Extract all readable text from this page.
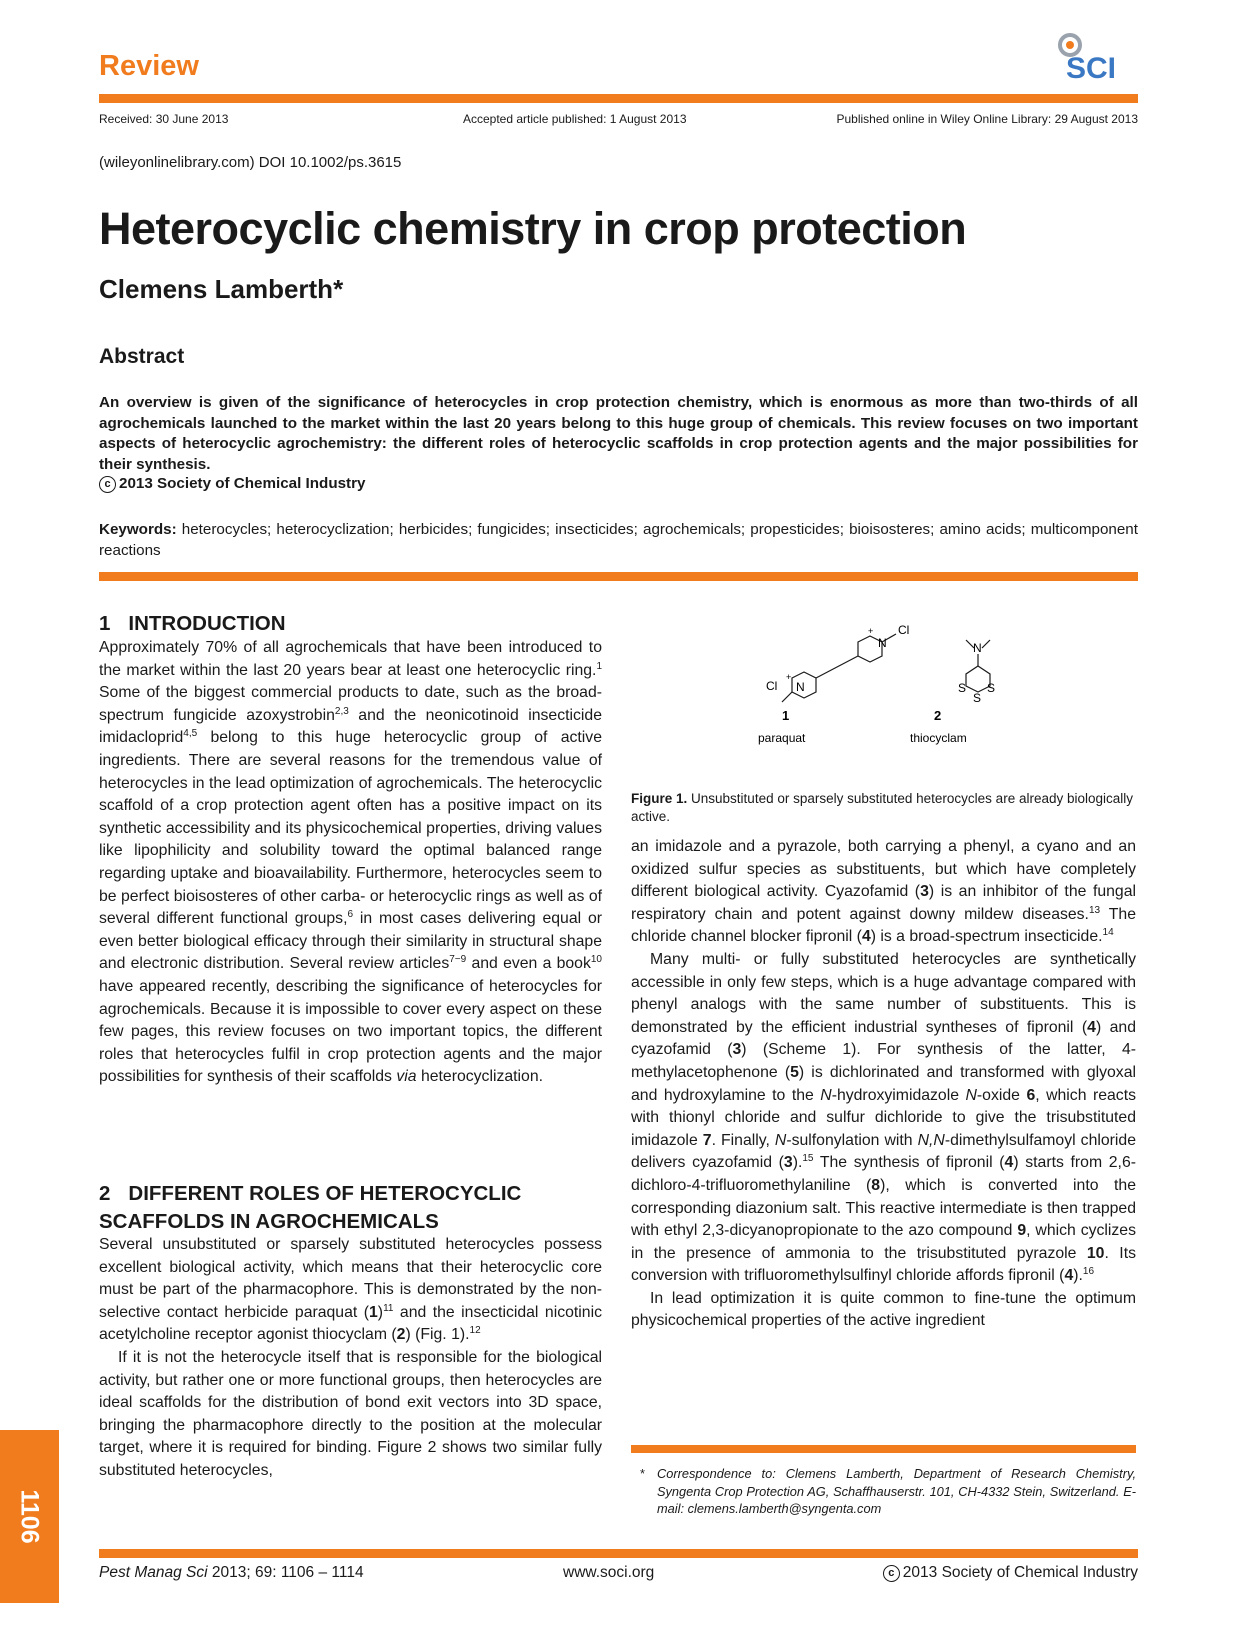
Review	SCI
Received: 30 June 2013	Accepted article published: 1 August 2013	Published online in Wiley Online Library: 29 August 2013
(wileyonlinelibrary.com) DOI 10.1002/ps.3615
Heterocyclic chemistry in crop protection
Clemens Lamberth*
Abstract
An overview is given of the significance of heterocycles in crop protection chemistry, which is enormous as more than two-thirds of all agrochemicals launched to the market within the last 20 years belong to this huge group of chemicals. This review focuses on two important aspects of heterocyclic agrochemistry: the different roles of heterocyclic scaffolds in crop protection agents and the major possibilities for their synthesis.
c 2013 Society of Chemical Industry
Keywords: heterocycles; heterocyclization; herbicides; fungicides; insecticides; agrochemicals; propesticides; bioisosteres; amino acids; multicomponent reactions
1 INTRODUCTION

Approximately 70% of all agrochemicals that have been introduced to the market within the last 20 years bear at least one heterocyclic ring.$^1$ Some of the biggest commercial products to date, such as the broad-spectrum fungicide azoxystrobin$^{2,3}$ and the neonicotinoid insecticide imidacloprid$^{4,5}$ belong to this huge heterocyclic group of active ingredients. There are several reasons for the tremendous value of heterocycles in the lead optimization of agrochemicals. The heterocyclic scaffold of a crop protection agent often has a positive impact on its synthetic accessibility and its physicochemical properties, driving values like lipophilicity and solubility toward the optimal balanced range regarding uptake and bioavailability. Furthermore, heterocycles seem to be perfect bioisosteres of other carba- or heterocyclic rings as well as of several different functional groups,$^6$ in most cases delivering equal or even better biological efficacy through their similarity in structural shape and electronic distribution. Several review articles$^{7-9}$ and even a book$^{10}$ have appeared recently, describing the significance of heterocycles for agrochemicals. Because it is impossible to cover every aspect on these few pages, this review focuses on two important topics, the different roles that heterocycles fulfil in crop protection agents and the major possibilities for synthesis of their scaffolds via heterocyclization.

2 DIFFERENT ROLES OF HETEROCYCLIC
SCAFFOLDS IN AGROCHEMICALS

Several unsubstituted or sparsely substituted heterocycles possess excellent biological activity, which means that their heterocyclic core must be part of the pharmacophore. This is demonstrated by the non-selective contact herbicide paraquat $(1)^{11}$ and the insecticidal nicotinic acetylcholine receptor agonist thiocyclam (2) (Fig. 1).$^{12}$

If it is not the heterocycle itself that is responsible for the biological activity, but rather one or more functional groups, then heterocycles are ideal scaffolds for the distribution of bond exit vectors into 3D space, bringing the pharmacophore directly to the position at the molecular target, where it is required for binding. Figure 2 shows two similar fully substituted heterocycles,

Cl
+
N
+
N
Cl
N
S S
S
1
paraquat
2
thiocyclam
Figure 1. Unsubstituted or sparsely substituted heterocycles are already biologically active.

an imidazole and a pyrazole, both carrying a phenyl, a cyano and an oxidized sulfur species as substituents, but which have completely different biological activity. Cyazofamid (3) is an inhibitor of the fungal respiratory chain and potent against downy mildew diseases.$^{13}$ The chloride channel blocker fipronil (4) is a broad-spectrum insecticide.$^{14}$

Many multi- or fully substituted heterocycles are synthetically accessible in only few steps, which is a huge advantage compared with phenyl analogs with the same number of substituents. This is demonstrated by the efficient industrial syntheses of fipronil (4) and cyazofamid (3) (Scheme 1). For synthesis of the latter, 4-methylacetophenone (5) is dichlorinated and transformed with glyoxal and hydroxylamine to the N-hydroxyimidazole N-oxide 6, which reacts with thionyl chloride and sulfur dichloride to give the trisubstituted imidazole 7. Finally, N-sulfonylation with N,N-dimethylsulfamoyl chloride delivers cyazofamid (3).$^{15}$ The synthesis of fipronil (4) starts from 2,6-dichloro-4-trifluoromethylaniline (8), which is converted into the corresponding diazonium salt. This reactive intermediate is then trapped with ethyl 2,3-dicyanopropionate to the azo compound 9, which cyclizes in the presence of ammonia to the trisubstituted pyrazole 10. Its conversion with trifluoromethylsulfinyl chloride affords fipronil (4).$^{16}$

In lead optimization it is quite common to fine-tune the optimum physicochemical properties of the active ingredient

* Correspondence to: Clemens Lamberth, Department of Research Chemistry, Syngenta Crop Protection AG, Schaffhauserstr. 101, CH-4332 Stein, Switzerland. E-mail: clemens.lamberth@syngenta.com
Pest Manag Sci 2013; 69: 1106 – 1114	www.soci.org	c 2013 Society of Chemical Industry
1106
